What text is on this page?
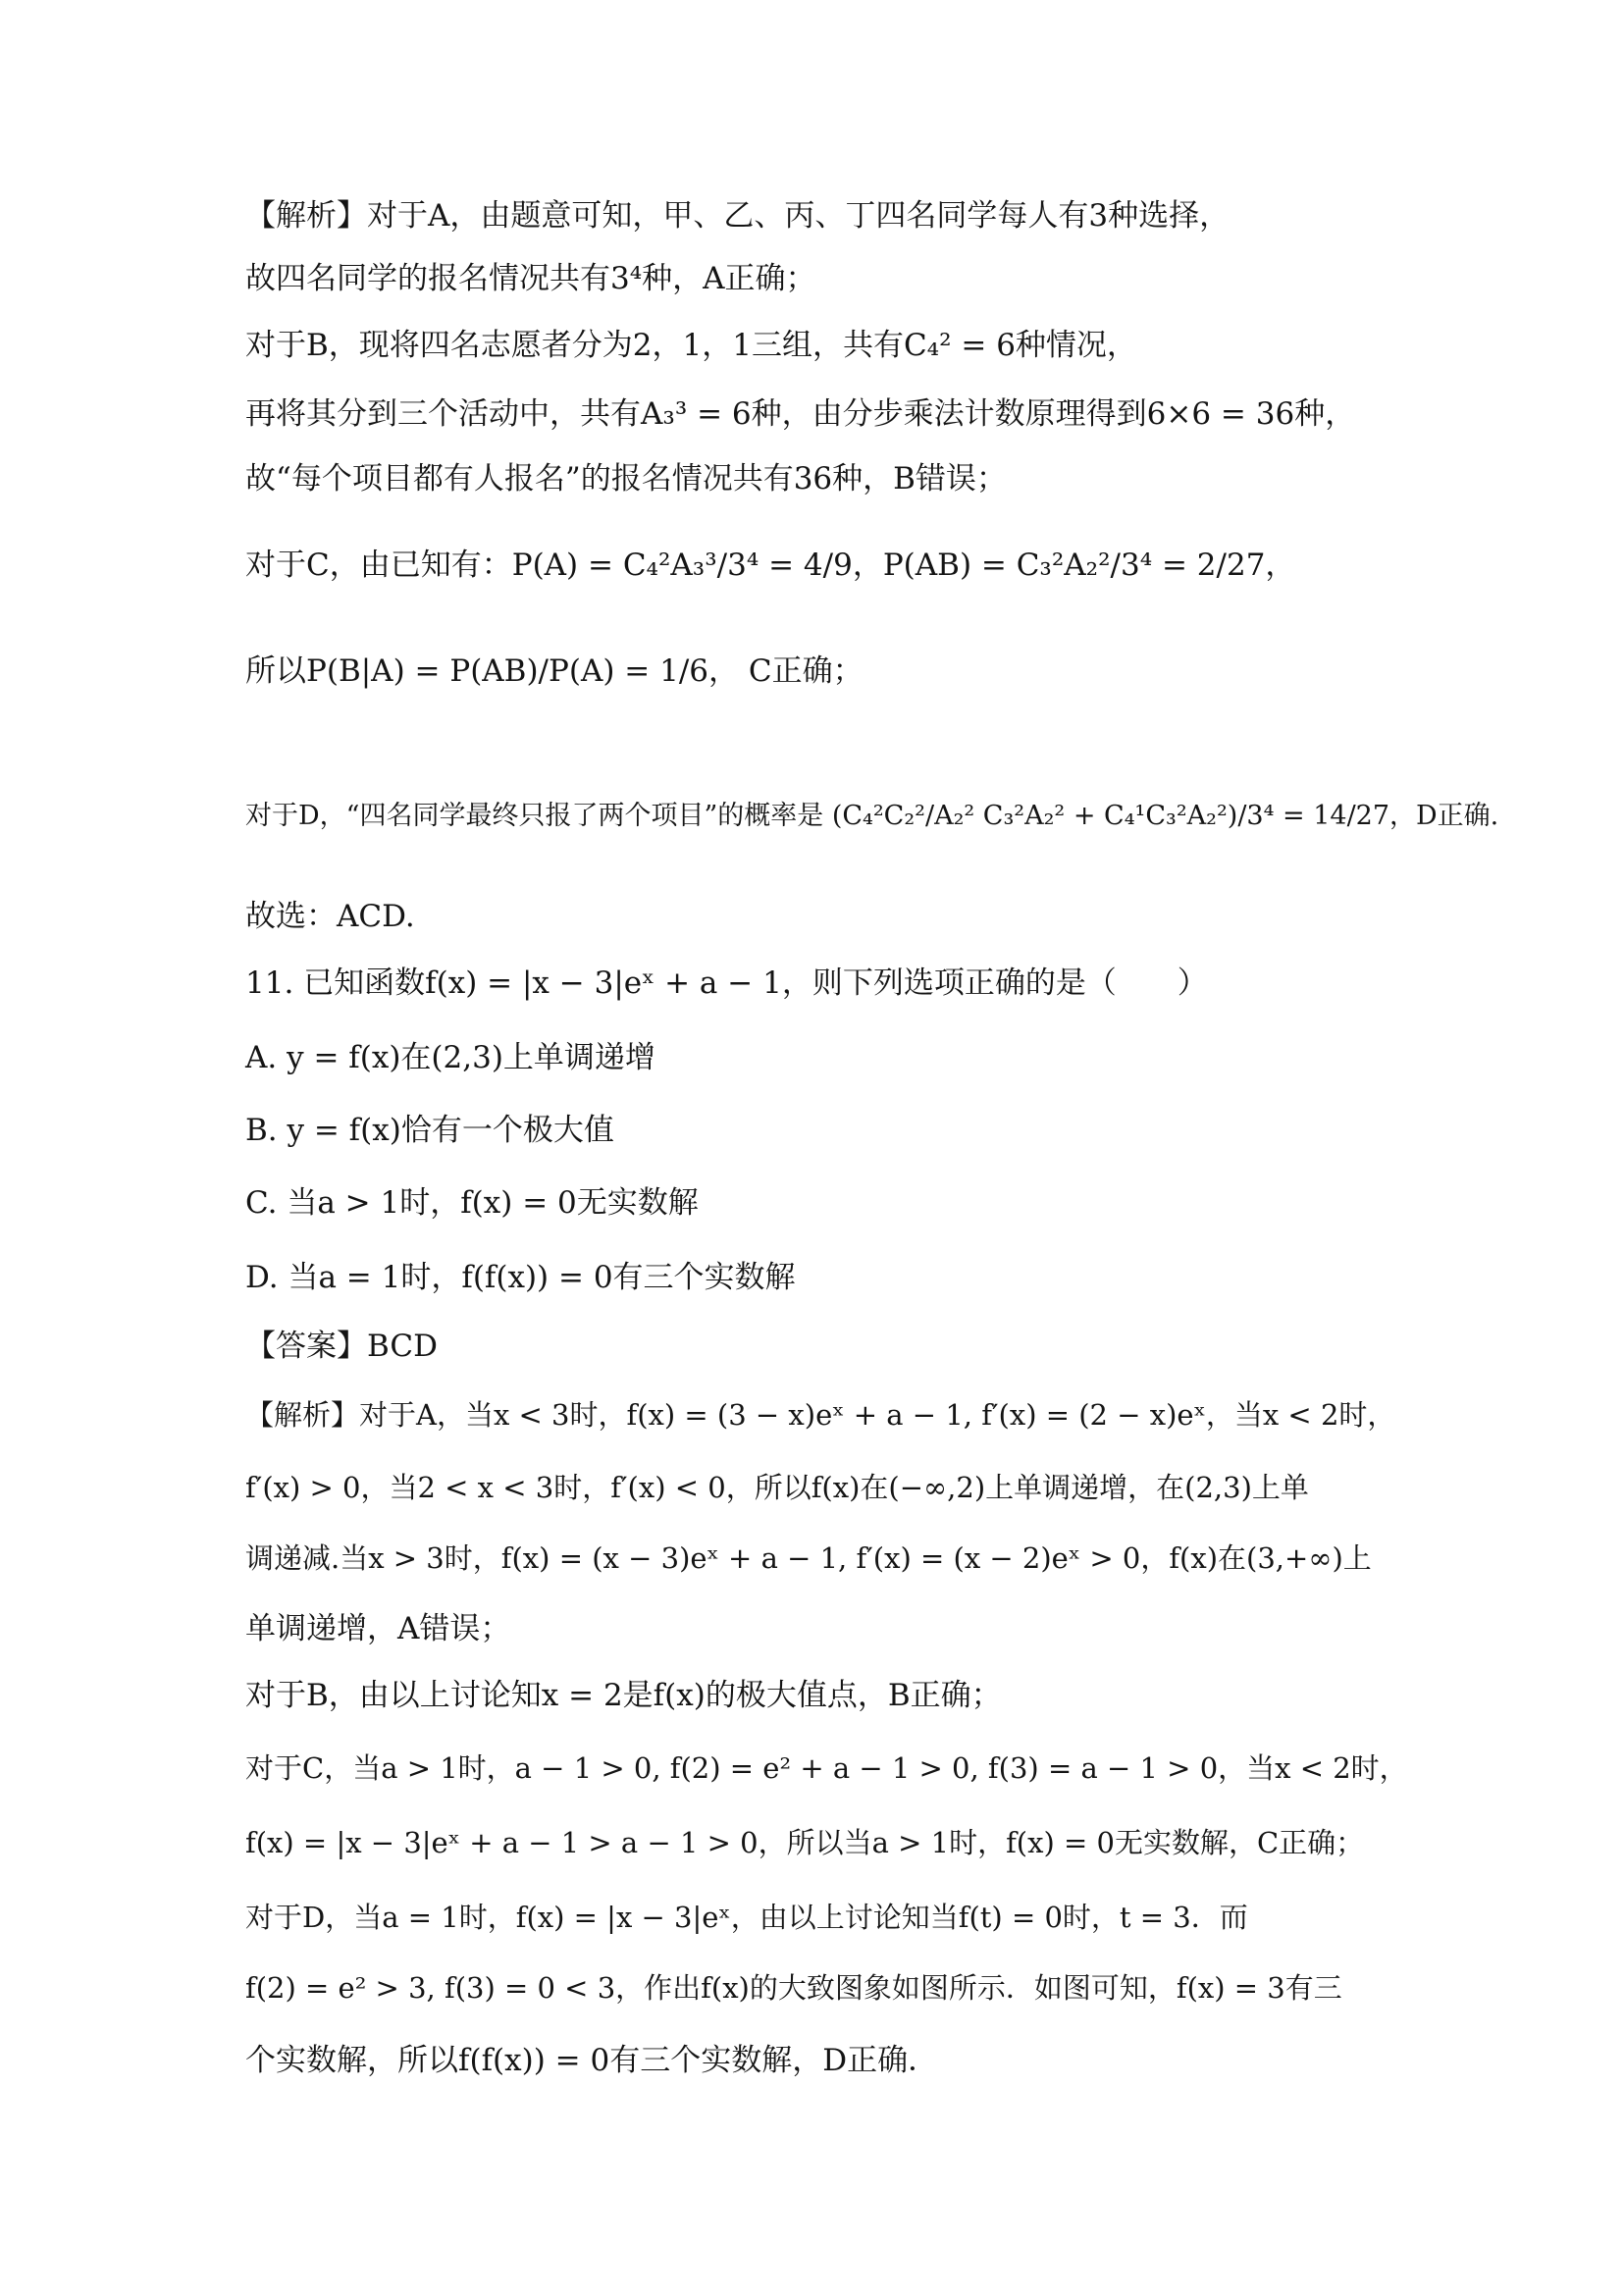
【解析】对于A，由题意可知，甲、乙、丙、丁四名同学每人有3种选择，
故四名同学的报名情况共有3⁴种，A正确；
对于B，现将四名志愿者分为2，1，1三组，共有C₄² = 6种情况，
再将其分到三个活动中，共有A₃³ = 6种，由分步乘法计数原理得到6×6 = 36种，
故“每个项目都有人报名”的报名情况共有36种，B错误；
对于C，由已知有：P(A) = C₄²A₃³/3⁴ = 4/9，P(AB) = C₃²A₂²/3⁴ = 2/27，
所以P(B|A) = P(AB)/P(A) = 1/6， C正确；
对于D，“四名同学最终只报了两个项目”的概率是 (C₄²C₂²/A₂² C₃²A₂² + C₄¹C₃²A₂²)/3⁴ = 14/27，D正确.
故选：ACD.
11. 已知函数f(x) = |x − 3|eˣ + a − 1，则下列选项正确的是（　　）
A. y = f(x)在(2,3)上单调递增
B. y = f(x)恰有一个极大值
C. 当a > 1时，f(x) = 0无实数解
D. 当a = 1时，f(f(x)) = 0有三个实数解
【答案】BCD
【解析】对于A，当x < 3时，f(x) = (3 − x)eˣ + a − 1, f′(x) = (2 − x)eˣ，当x < 2时，
f′(x) > 0，当2 < x < 3时，f′(x) < 0，所以f(x)在(−∞,2)上单调递增，在(2,3)上单
调递减.当x > 3时，f(x) = (x − 3)eˣ + a − 1, f′(x) = (x − 2)eˣ > 0，f(x)在(3,+∞)上
单调递增，A错误；
对于B，由以上讨论知x = 2是f(x)的极大值点，B正确；
对于C，当a > 1时，a − 1 > 0, f(2) = e² + a − 1 > 0, f(3) = a − 1 > 0，当x < 2时，
f(x) = |x − 3|eˣ + a − 1 > a − 1 > 0，所以当a > 1时，f(x) = 0无实数解，C正确；
对于D，当a = 1时，f(x) = |x − 3|eˣ，由以上讨论知当f(t) = 0时，t = 3．而
f(2) = e² > 3, f(3) = 0 < 3，作出f(x)的大致图象如图所示．如图可知，f(x) = 3有三
个实数解，所以f(f(x)) = 0有三个实数解，D正确．
